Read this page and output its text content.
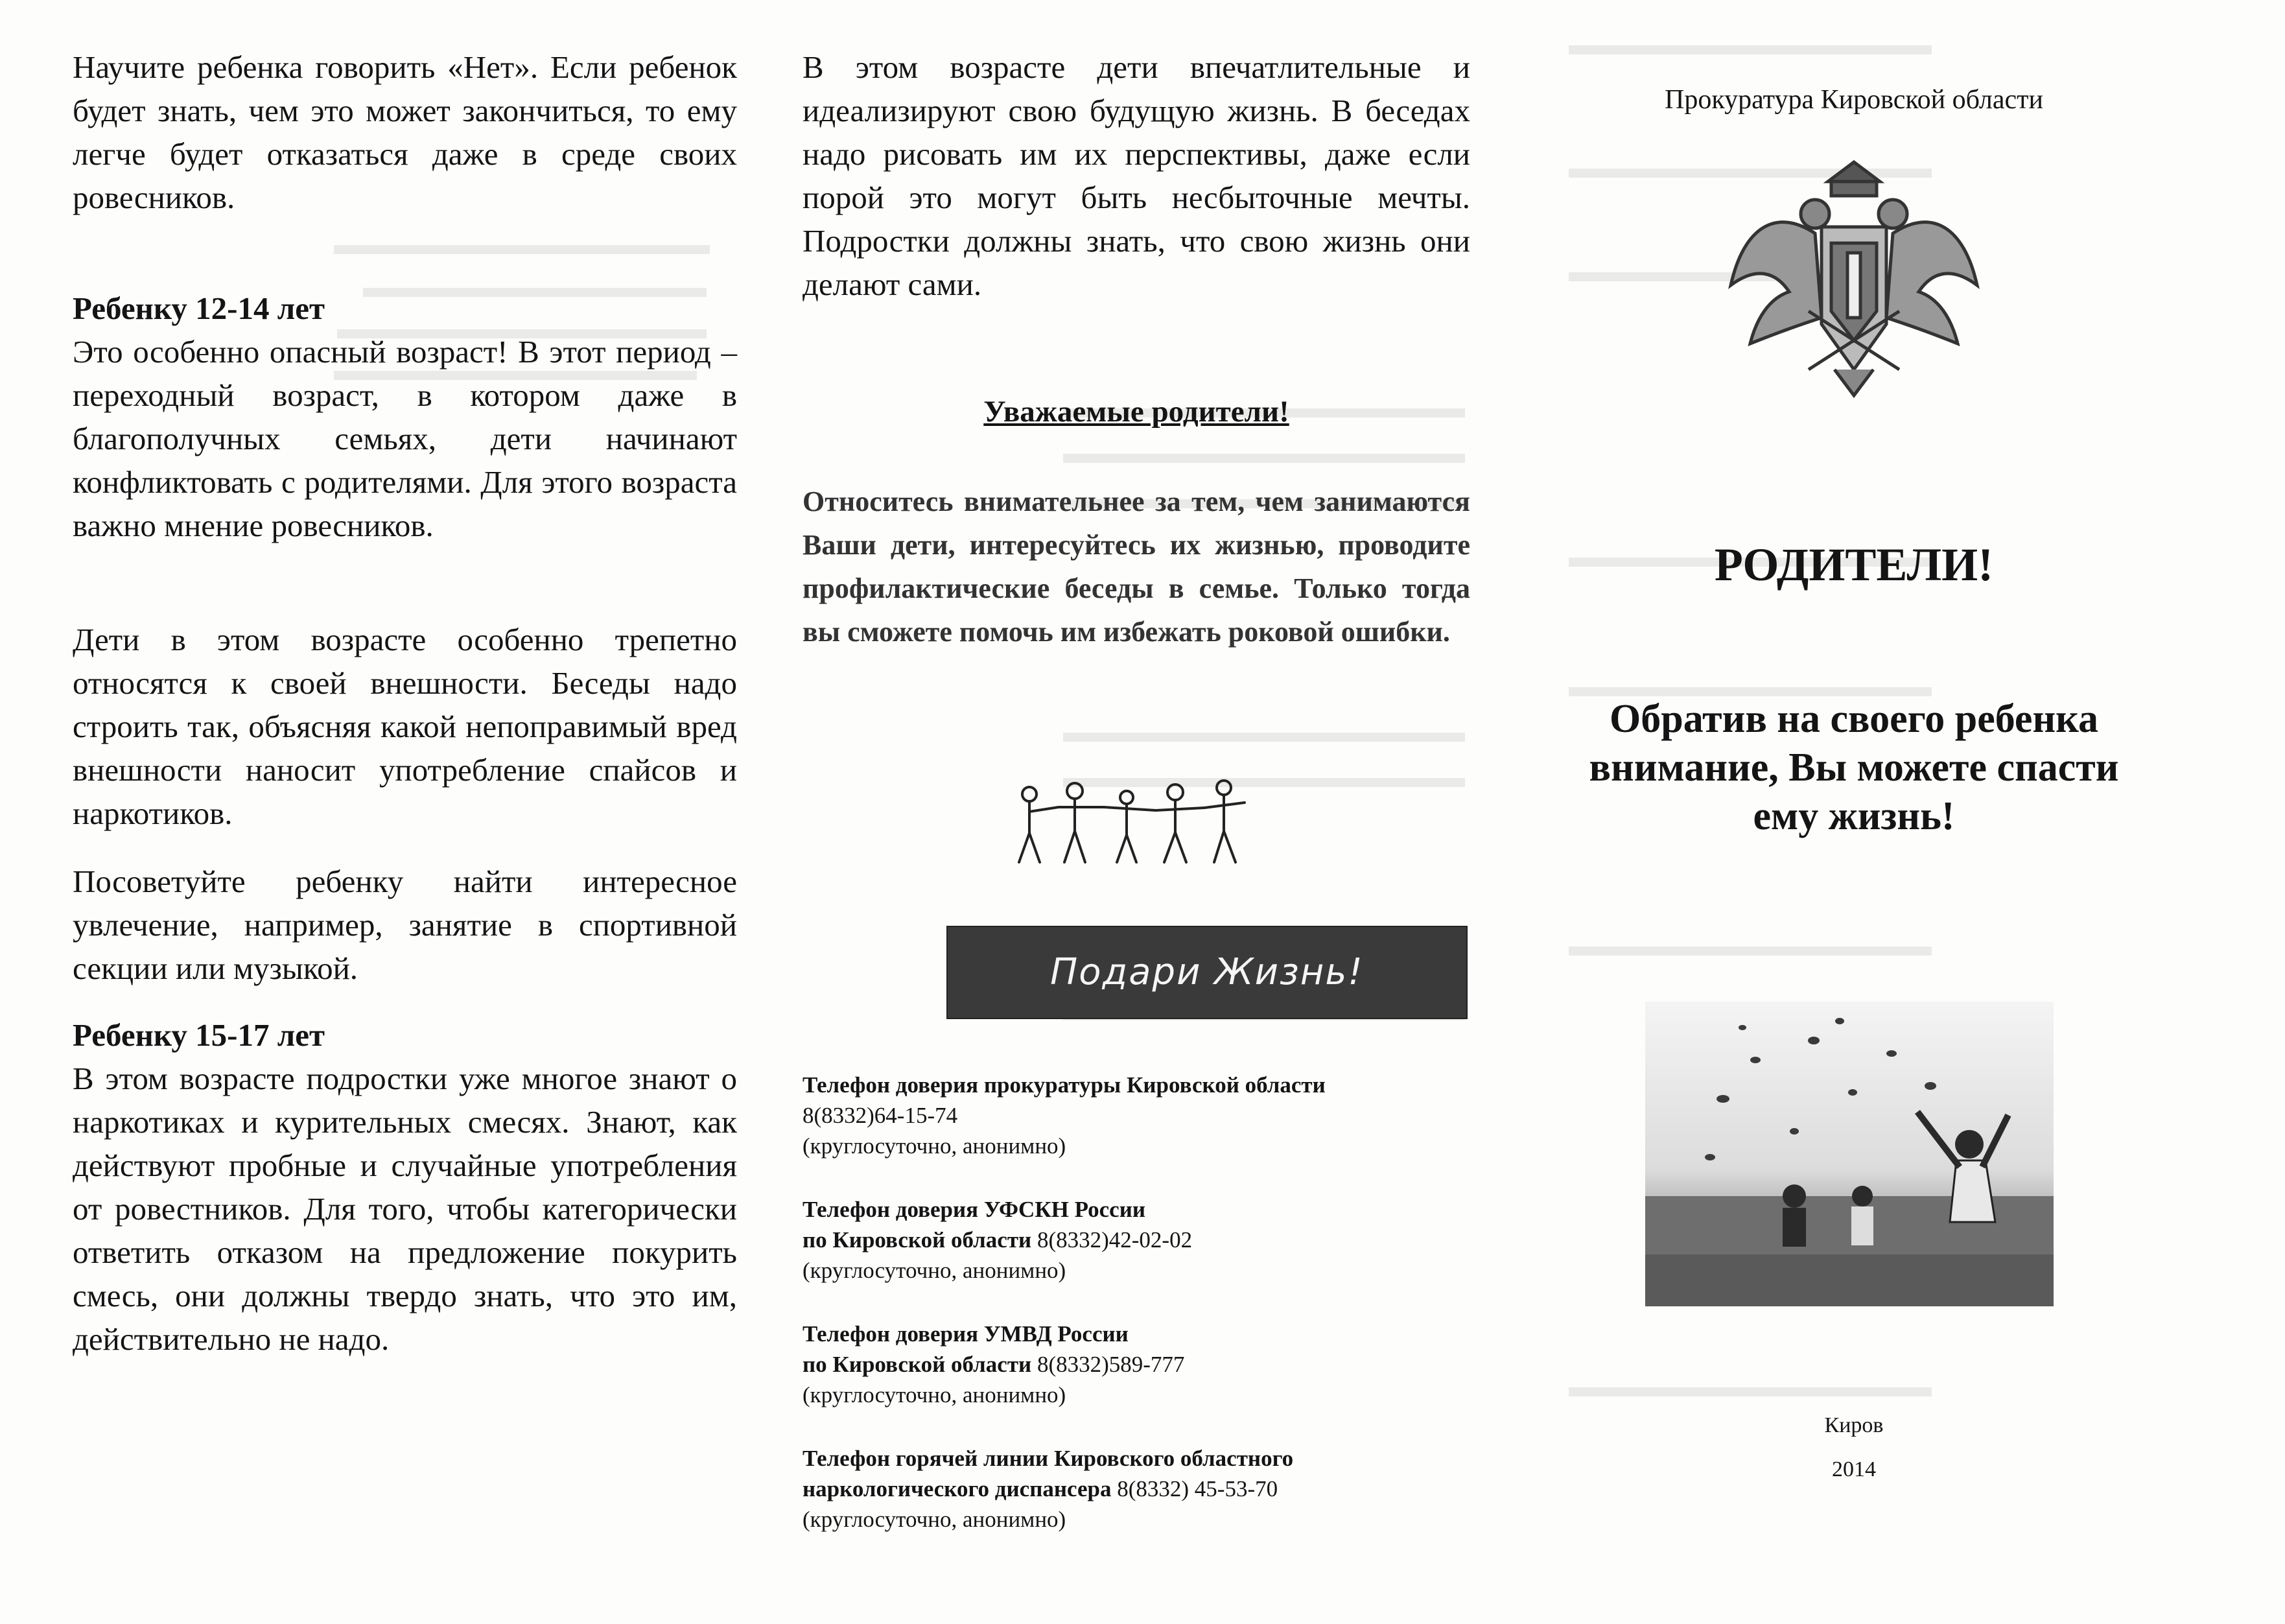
Научите ребенка говорить «Нет». Если ребенок будет знать, чем это может закончиться, то ему легче будет отказаться даже в среде своих ровесников.

Ребенку 12-14 лет

Это особенно опасный возраст! В этот период – переходный возраст, в котором даже в благополучных семьях, дети начинают конфликтовать с родителями. Для этого возраста важно мнение ровесников.

Дети в этом возрасте особенно трепетно относятся к своей внешности. Беседы надо строить так, объясняя какой непоправимый вред внешности наносит употребление спайсов и наркотиков.

Посоветуйте ребенку найти интересное увлечение, например, занятие в спортивной секции или музыкой.

Ребенку 15-17 лет

В этом возрасте подростки уже многое знают о наркотиках и курительных смесях. Знают, как действуют пробные и случайные употребления от ровестников. Для того, чтобы категорически ответить отказом на предложение покурить смесь, они должны твердо знать, что это им, действительно не надо.

В этом возрасте дети впечатлительные и идеализируют свою будущую жизнь. В беседах надо рисовать им их перспективы, даже если порой это могут быть несбыточные мечты. Подростки должны знать, что свою жизнь они делают сами.

Уважаемые родители!

Относитесь внимательнее за тем, чем занимаются Ваши дети, интересуйтесь их жизнью, проводите профилактические беседы в семье. Только тогда вы сможете помочь им избежать роковой ошибки.

Подари Жизнь!

Телефон доверия прокуратуры Кировской области

8(8332)64-15-74

(круглосуточно, анонимно)

Телефон доверия УФСКН России

по Кировской области 8(8332)42-02-02

(круглосуточно, анонимно)

Телефон доверия УМВД России

по Кировской области 8(8332)589-777

(круглосуточно, анонимно)

Телефон горячей линии Кировского областного

наркологического диспансера 8(8332) 45-53-70

(круглосуточно, анонимно)

Прокуратура Кировской области

РОДИТЕЛИ!

Обратив на своего ребенка внимание, Вы можете спасти ему жизнь!

Киров

2014
